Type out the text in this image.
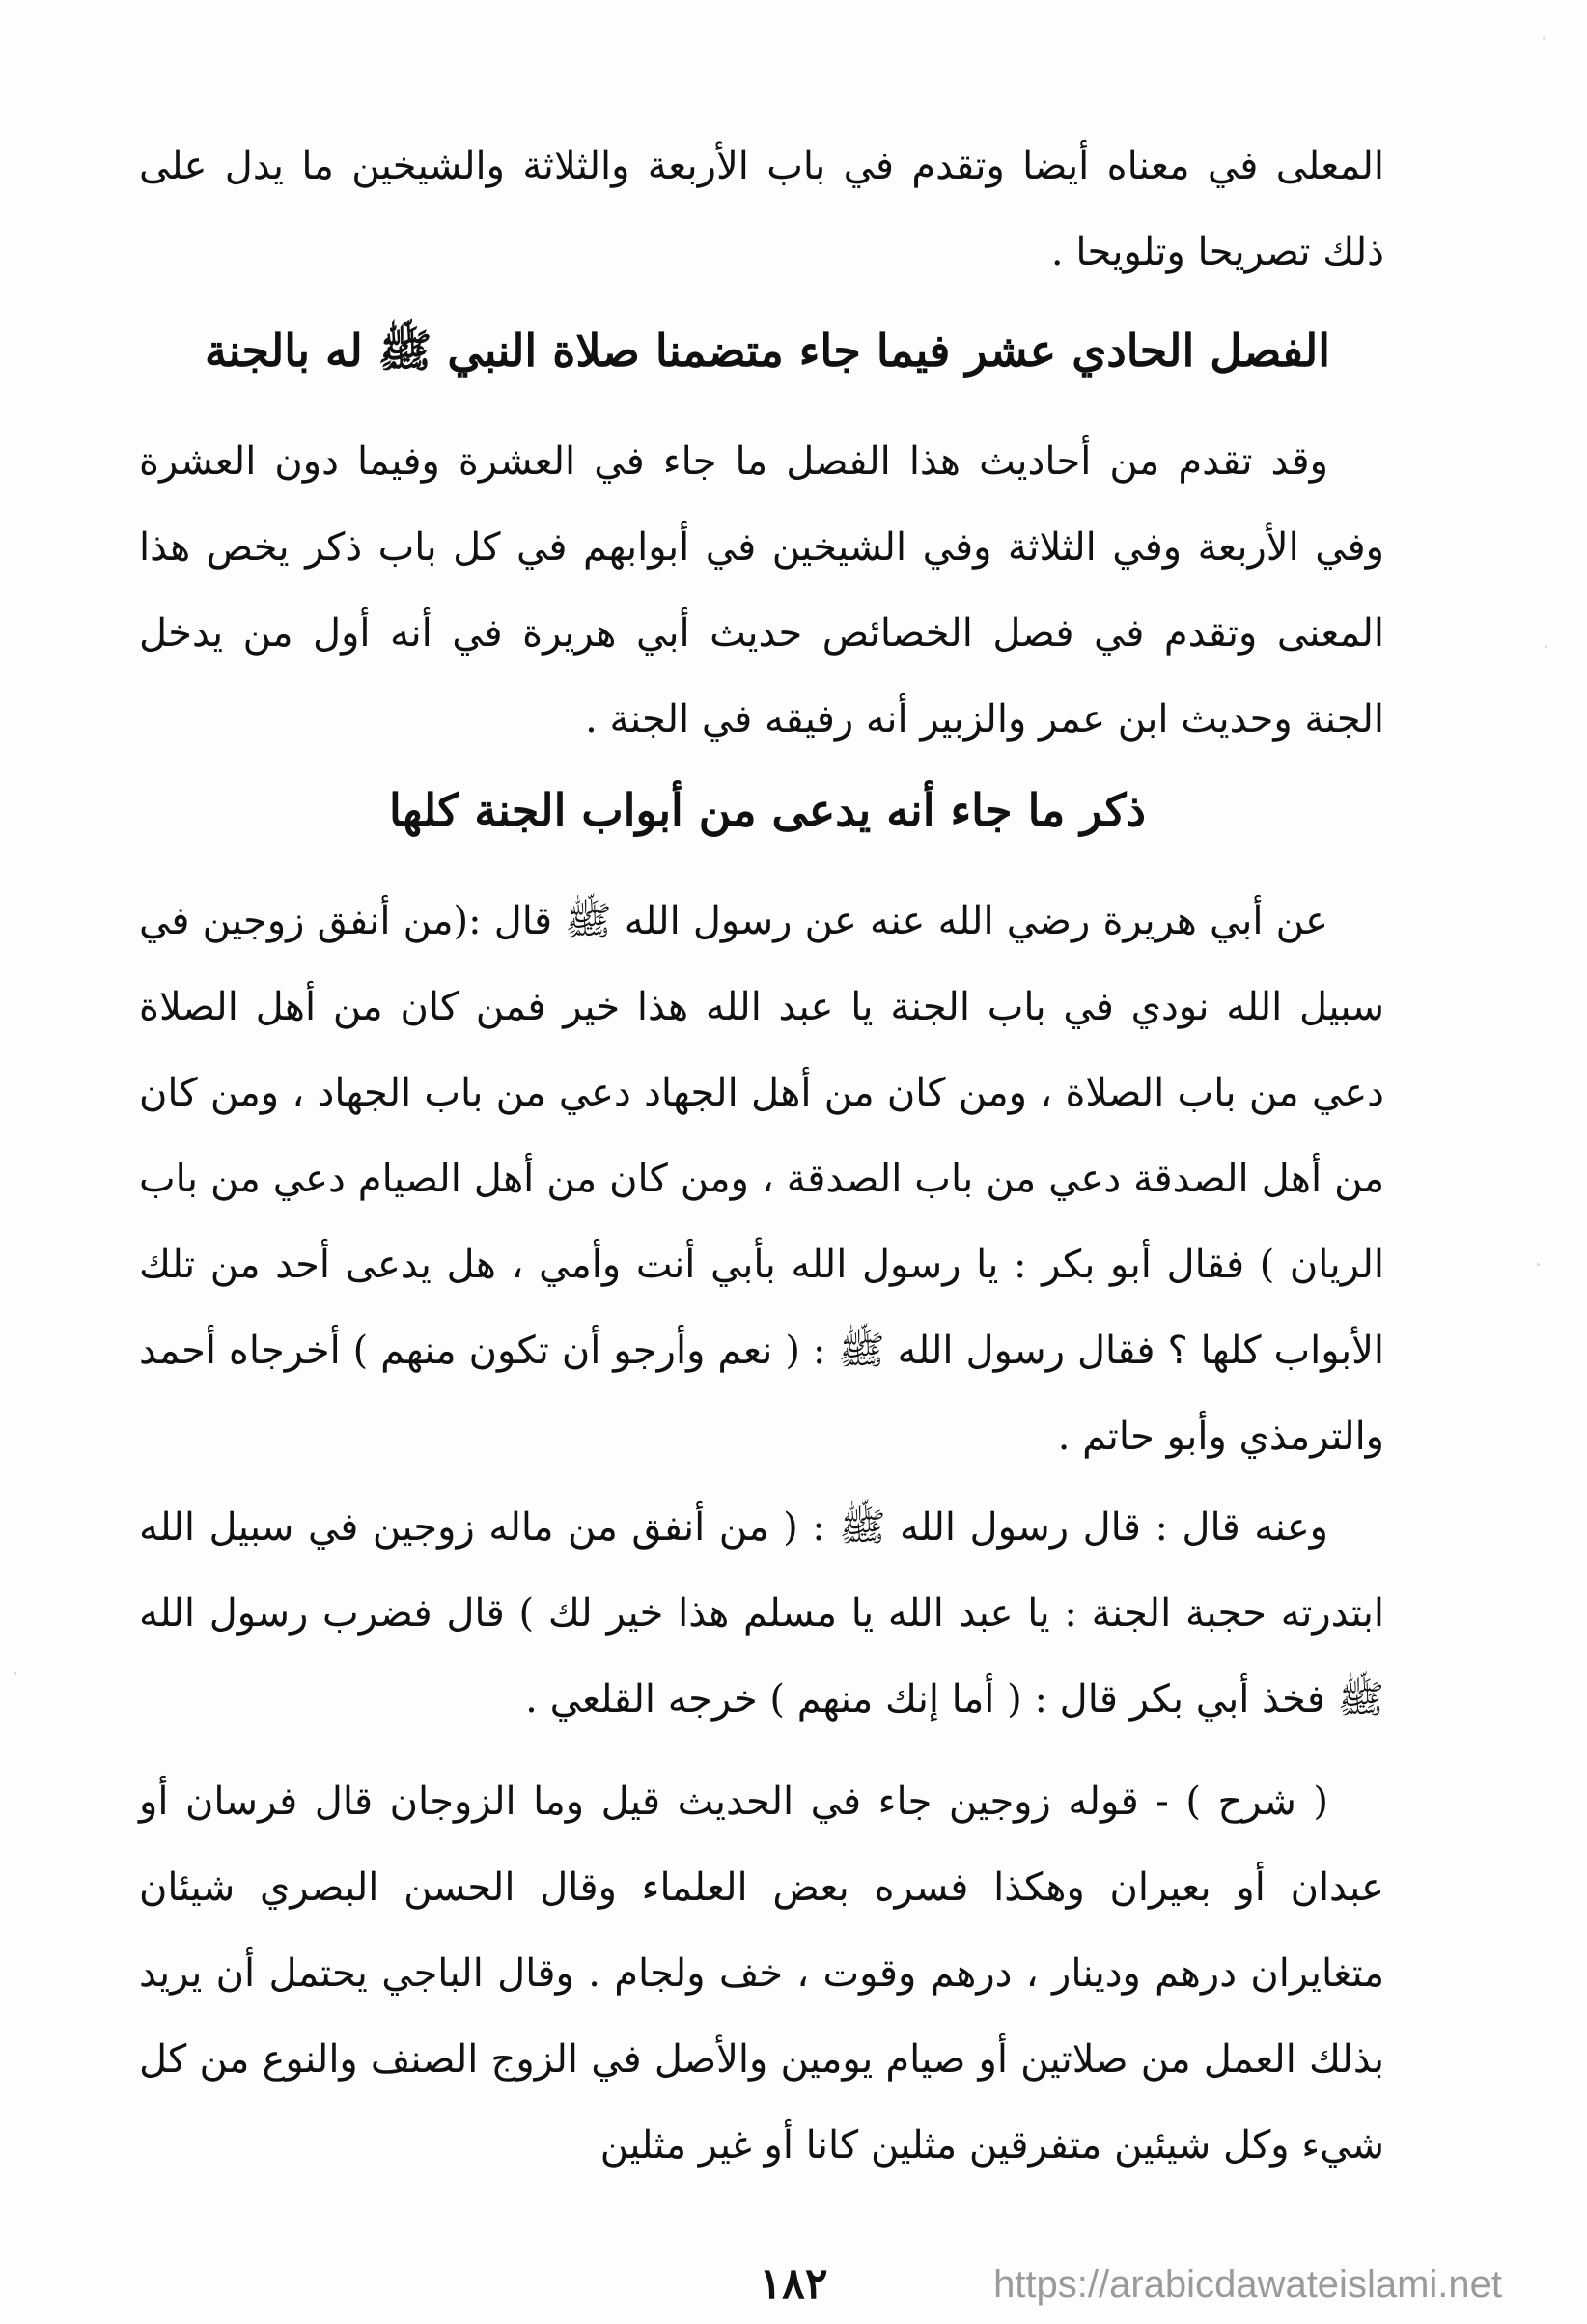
المعلى في معناه أيضا وتقدم في باب الأربعة والثلاثة والشيخين ما يدل على ذلك تصريحا وتلويحا .

الفصل الحادي عشر فيما جاء متضمنا صلاة النبي ﷺ له بالجنة

وقد تقدم من أحاديث هذا الفصل ما جاء في العشرة وفيما دون العشرة وفي الأربعة وفي الثلاثة وفي الشيخين في أبوابهم في كل باب ذكر يخص هذا المعنى وتقدم في فصل الخصائص حديث أبي هريرة في أنه أول من يدخل الجنة وحديث ابن عمر والزبير أنه رفيقه في الجنة .

ذكر ما جاء أنه يدعى من أبواب الجنة كلها

عن أبي هريرة رضي الله عنه عن رسول الله ﷺ قال :(من أنفق زوجين في سبيل الله نودي في باب الجنة يا عبد الله هذا خير فمن كان من أهل الصلاة دعي من باب الصلاة ، ومن كان من أهل الجهاد دعي من باب الجهاد ، ومن كان من أهل الصدقة دعي من باب الصدقة ، ومن كان من أهل الصيام دعي من باب الريان ) فقال أبو بكر : يا رسول الله بأبي أنت وأمي ، هل يدعى أحد من تلك الأبواب كلها ؟ فقال رسول الله ﷺ : ( نعم وأرجو أن تكون منهم ) أخرجاه أحمد والترمذي وأبو حاتم .

وعنه قال : قال رسول الله ﷺ : ( من أنفق من ماله زوجين في سبيل الله ابتدرته حجبة الجنة : يا عبد الله يا مسلم هذا خير لك ) قال فضرب رسول الله ﷺ فخذ أبي بكر قال : ( أما إنك منهم ) خرجه القلعي .

( شرح ) - قوله زوجين جاء في الحديث قيل وما الزوجان قال فرسان أو عبدان أو بعيران وهكذا فسره بعض العلماء وقال الحسن البصري شيئان متغايران درهم ودينار ، درهم وقوت ، خف ولجام . وقال الباجي يحتمل أن يريد بذلك العمل من صلاتين أو صيام يومين والأصل في الزوج الصنف والنوع من كل شيء وكل شيئين متفرقين مثلين كانا أو غير مثلين

١٨٢	https://arabicdawateislami.net
